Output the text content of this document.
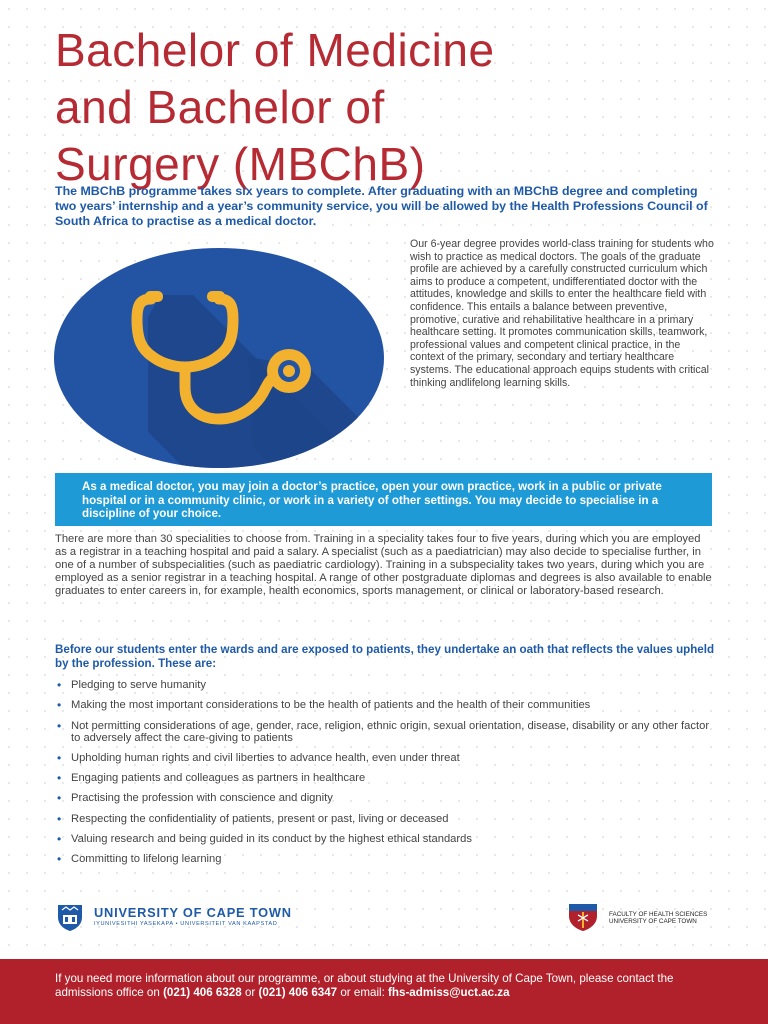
Bachelor of Medicine
and Bachelor of
Surgery (MBChB)

The MBChB programme takes six years to complete. After graduating with an MBChB degree and completing two years’ internship and a year’s community service, you will be allowed by the Health Professions Council of South Africa to practise as a medical doctor.

Our 6-year degree provides world-class training for students who wish to practice as medical doctors. The goals of the graduate profile are achieved by a carefully constructed curriculum which aims to produce a competent, undifferentiated doctor with the attitudes, knowledge and skills to enter the healthcare field with confidence. This entails a balance between preventive, promotive, curative and rehabilitative healthcare in a primary healthcare setting. It promotes communication skills, teamwork, professional values and competent clinical practice, in the context of the primary, secondary and tertiary healthcare systems. The educational approach equips students with critical thinking andlifelong learning skills.

As a medical doctor, you may join a doctor’s practice, open your own practice, work in a public or private hospital or in a community clinic, or work in a variety of other settings. You may decide to specialise in a discipline of your choice.

There are more than 30 specialities to choose from. Training in a speciality takes four to five years, during which you are employed as a registrar in a teaching hospital and paid a salary. A specialist (such as a paediatrician) may also decide to specialise further, in one of a number of subspecialities (such as paediatric cardiology). Training in a subspeciality takes two years, during which you are employed as a senior registrar in a teaching hospital. A range of other postgraduate diplomas and degrees is also available to enable graduates to enter careers in, for example, health economics, sports management, or clinical or laboratory-based research.

Before our students enter the wards and are exposed to patients, they undertake an oath that reflects the values upheld by the profession. These are:

• Pledging to serve humanity
• Making the most important considerations to be the health of patients and the health of their communities
• Not permitting considerations of age, gender, race, religion, ethnic origin, sexual orientation, disease, disability or any other factor to adversely affect the care-giving to patients
• Upholding human rights and civil liberties to advance health, even under threat
• Engaging patients and colleagues as partners in healthcare
• Practising the profession with conscience and dignity
• Respecting the confidentiality of patients, present or past, living or deceased
• Valuing research and being guided in its conduct by the highest ethical standards
• Committing to lifelong learning
UNIVERSITY OF CAPE TOWN
IYUNIVESITHI YASEKAPA • UNIVERSITEIT VAN KAAPSTAD
FACULTY OF HEALTH SCIENCES
UNIVERSITY OF CAPE TOWN

If you need more information about our programme, or about studying at the University of Cape Town, please contact the admissions office on (021) 406 6328 or (021) 406 6347 or email: fhs-admiss@uct.ac.za
